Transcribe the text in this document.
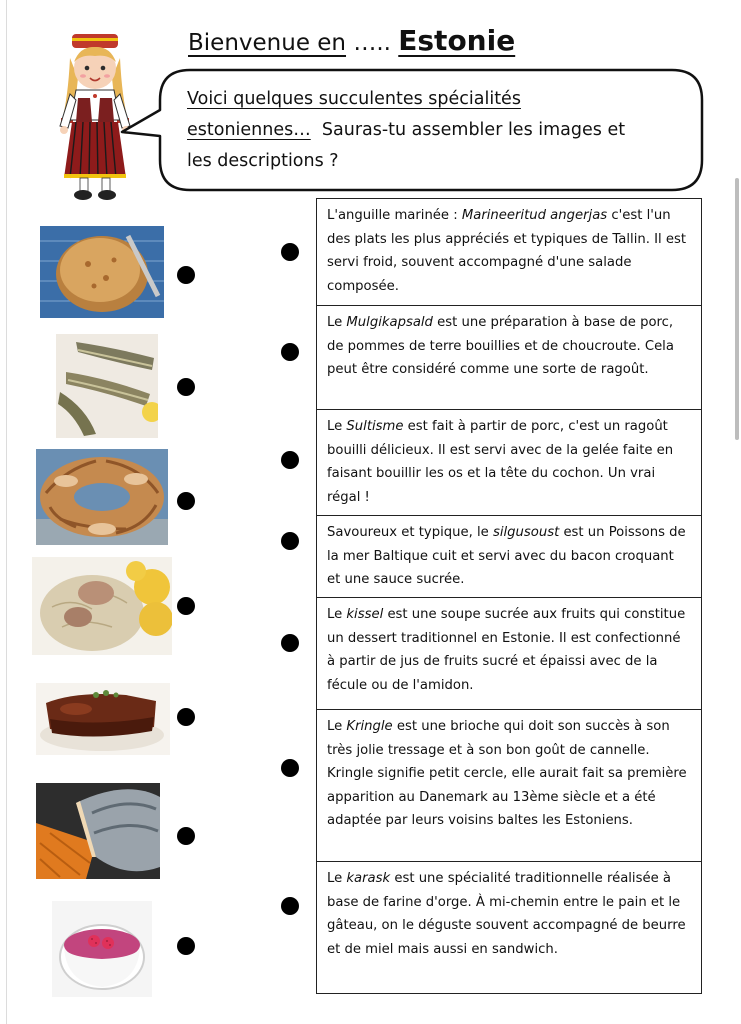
Bienvenue en ….. Estonie
Voici quelques succulentes spécialités
estoniennes… Sauras-tu assembler les images et
les descriptions ?
L'anguille marinée : Marineeritud angerjas c'est l'un des plats les plus appréciés et typiques de Tallin. Il est servi froid, souvent accompagné d'une salade composée.
Le Mulgikapsald est une préparation à base de porc, de pommes de terre bouillies et de choucroute. Cela peut être considéré comme une sorte de ragoût.
Le Sultisme est fait à partir de porc, c'est un ragoût bouilli délicieux. Il est servi avec de la gelée faite en faisant bouillir les os et la tête du cochon. Un vrai régal !
Savoureux et typique, le silgusoust est un Poissons de la mer Baltique cuit et servi avec du bacon croquant et une sauce sucrée.
Le kissel est une soupe sucrée aux fruits qui constitue un dessert traditionnel en Estonie. Il est confectionné à partir de jus de fruits sucré et épaissi avec de la fécule ou de l'amidon.
Le Kringle est une brioche qui doit son succès à son très jolie tressage et à son bon goût de cannelle. Kringle signifie petit cercle, elle aurait fait sa première apparition au Danemark au 13ème siècle et a été adaptée par leurs voisins baltes les Estoniens.
Le karask est une spécialité traditionnelle réalisée à base de farine d'orge. À mi-chemin entre le pain et le gâteau, on le déguste souvent accompagné de beurre et de miel mais aussi en sandwich.
